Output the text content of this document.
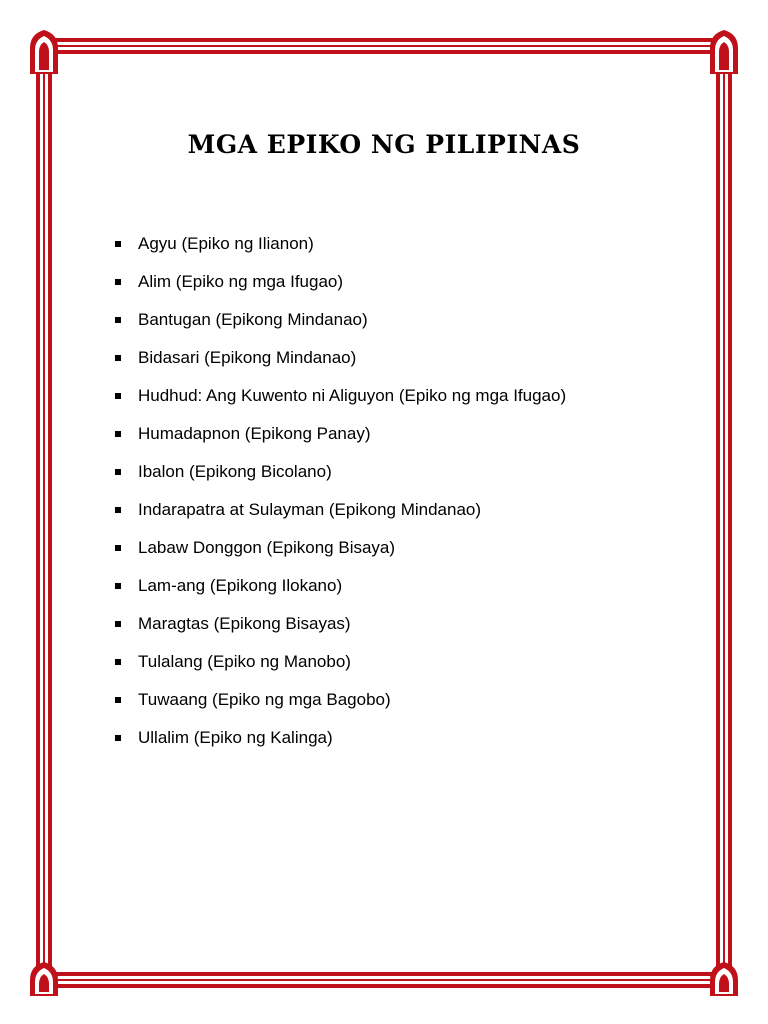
MGA EPIKO NG PILIPINAS
Agyu (Epiko ng Ilianon)
Alim (Epiko ng mga Ifugao)
Bantugan (Epikong Mindanao)
Bidasari (Epikong Mindanao)
Hudhud: Ang Kuwento ni Aliguyon (Epiko ng mga Ifugao)
Humadapnon (Epikong Panay)
Ibalon (Epikong Bicolano)
Indarapatra at Sulayman (Epikong Mindanao)
Labaw Donggon (Epikong Bisaya)
Lam-ang (Epikong Ilokano)
Maragtas (Epikong Bisayas)
Tulalang (Epiko ng Manobo)
Tuwaang (Epiko ng mga Bagobo)
Ullalim (Epiko ng Kalinga)
